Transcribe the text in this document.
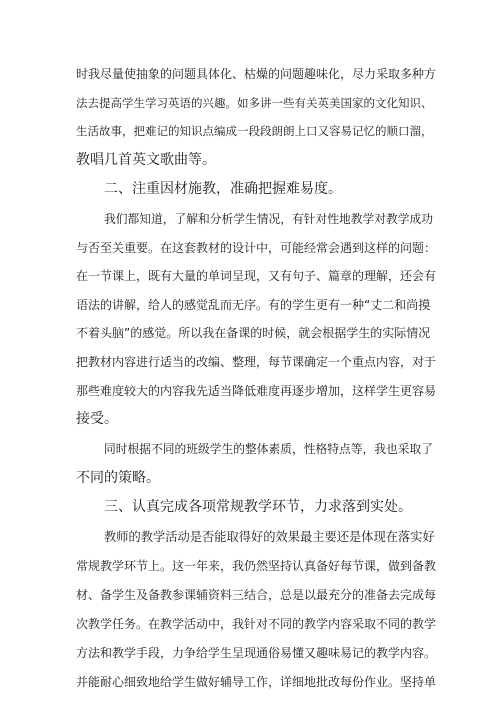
时我尽量使抽象的问题具体化、枯燥的问题趣味化，尽力采取多种方
法去提高学生学习英语的兴趣。如多讲一些有关英美国家的文化知识、
生活故事，把难记的知识点编成一段段朗朗上口又容易记忆的顺口溜，
教唱几首英文歌曲等。
二、注重因材施教，准确把握难易度。
我们都知道，了解和分析学生情况，有针对性地教学对教学成功
与否至关重要。在这套教材的设计中，可能经常会遇到这样的问题：
在一节课上，既有大量的单词呈现，又有句子、篇章的理解，还会有
语法的讲解，给人的感觉乱而无序。有的学生更有一种“丈二和尚摸
不着头脑”的感觉。所以我在备课的时候，就会根据学生的实际情况
把教材内容进行适当的改编、整理，每节课确定一个重点内容，对于
那些难度较大的内容我先适当降低难度再逐步增加，这样学生更容易
接受。
同时根据不同的班级学生的整体素质，性格特点等，我也采取了
不同的策略。
三、认真完成各项常规教学环节，力求落到实处。
教师的教学活动是否能取得好的效果最主要还是体现在落实好
常规教学环节上。这一年来，我仍然坚持认真备好每节课，做到备教
材、备学生及备教参课辅资料三结合，总是以最充分的准备去完成每
次教学任务。在教学活动中，我针对不同的教学内容采取不同的教学
方法和教学手段，力争给学生呈现通俗易懂又趣味易记的教学内容。
并能耐心细致地给学生做好辅导工作，详细地批改每份作业。坚持单
